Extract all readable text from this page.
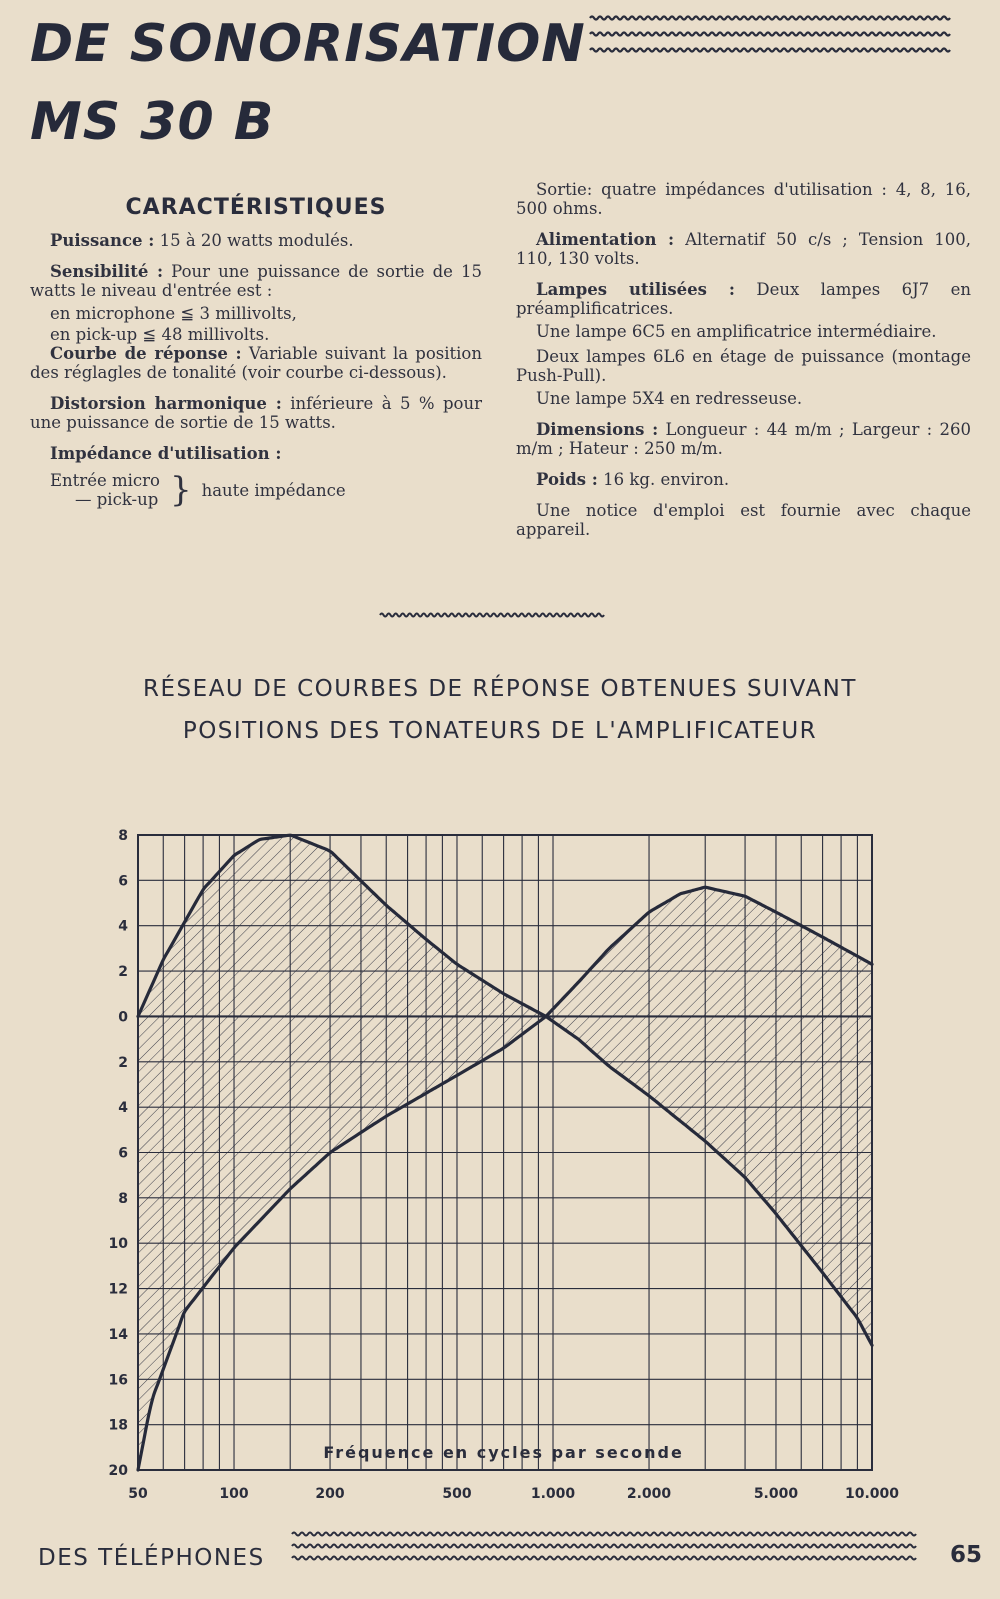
DE SONORISATION
MS 30 B
CARACTÉRISTIQUES

Puissance : 15 à 20 watts modulés.

Sensibilité : Pour une puissance de sortie de 15 watts le niveau d'entrée est :

en microphone ≦ 3 millivolts,

en pick-up ≦ 48 millivolts.

Courbe de réponse : Variable suivant la position des réglagles de tonalité (voir courbe ci-dessous).

Distorsion harmonique : inférieure à 5 % pour une puissance de sortie de 15 watts.

Impédance d'utilisation :

Entrée micro
— pick-up } haute impédance

Sortie: quatre impédances d'utilisation : 4, 8, 16, 500 ohms.

Alimentation : Alternatif 50 c/s ; Tension 100, 110, 130 volts.

Lampes utilisées : Deux lampes 6J7 en préamplificatrices.

Une lampe 6C5 en amplificatrice intermédiaire.

Deux lampes 6L6 en étage de puissance (montage Push-Pull).

Une lampe 5X4 en redresseuse.

Dimensions : Longueur : 44 m/m ; Largeur : 260 m/m ; Hateur : 250 m/m.

Poids : 16 kg. environ.

Une notice d'emploi est fournie avec chaque appareil.

RÉSEAU DE COURBES DE RÉPONSE OBTENUES SUIVANT
POSITIONS DES TONATEURS DE L'AMPLIFICATEUR
8
6
4
2
0
2
4
6
8
10
12
14
16
18
20
50	100	200	500	1.000	2.000	5.000	10.000
Fréquence en cycles par seconde
DES TÉLÉPHONES	65
